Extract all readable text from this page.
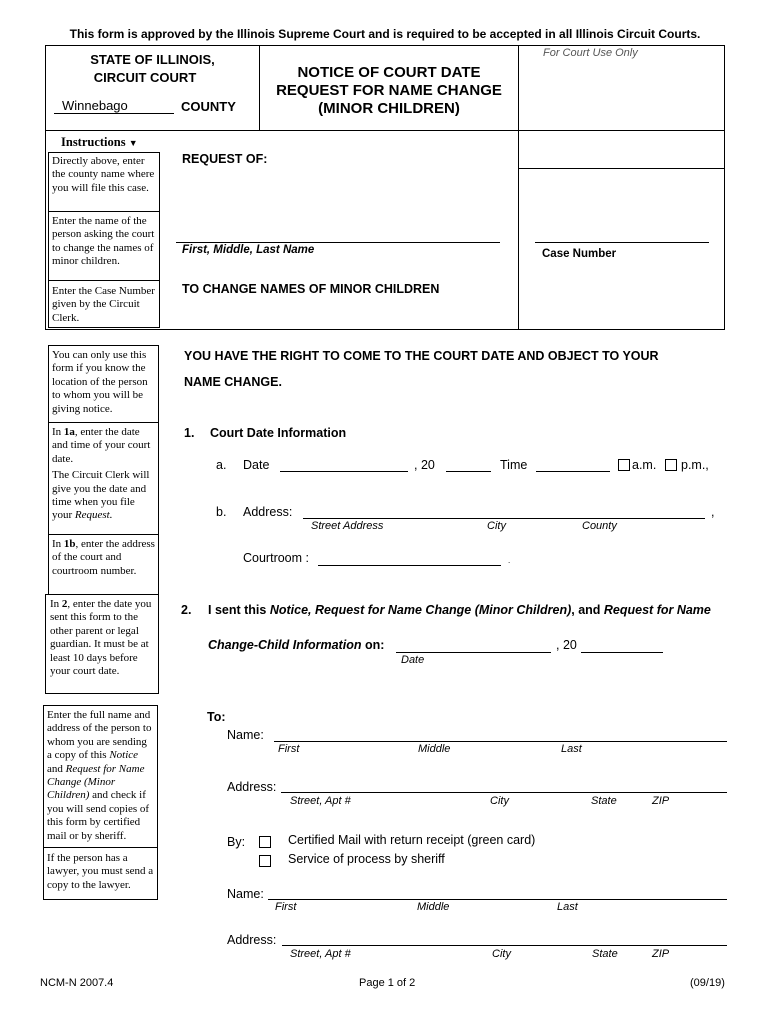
This form is approved by the Illinois Supreme Court and is required to be accepted in all Illinois Circuit Courts.
For Court Use Only
STATE OF ILLINOIS,
CIRCUIT COURT
Winnebago	COUNTY
NOTICE OF COURT DATE
REQUEST FOR NAME CHANGE
(MINOR CHILDREN)
Instructions ▼
Directly above, enter the county name where you will file this case.
Enter the name of the person asking the court to change the names of minor children.
Enter the Case Number given by the Circuit Clerk.
REQUEST OF:
First, Middle, Last Name	Case Number
TO CHANGE NAMES OF MINOR CHILDREN
You can only use this form if you know the location of the person to whom you will be giving notice.
In 1a, enter the date and time of your court date.
The Circuit Clerk will give you the date and time when you file your Request.
In 1b, enter the address of the court and courtroom number.
In 2, enter the date you sent this form to the other parent or legal guardian. It must be at least 10 days before your court date.
Enter the full name and address of the person to whom you are sending a copy of this Notice and Request for Name Change (Minor Children) and check if you will send copies of this form by certified mail or by sheriff.
If the person has a lawyer, you must send a copy to the lawyer.
YOU HAVE THE RIGHT TO COME TO THE COURT DATE AND OBJECT TO YOUR
NAME CHANGE.
1. Court Date Information
a. Date	, 20	Time	a.m. p.m.,
b. Address:	,
Street Address	City	County
Courtroom :	.
2. I sent this Notice, Request for Name Change (Minor Children), and Request for Name
Change-Child Information on:	, 20
Date
To:
Name:
First	Middle	Last
Address:
Street, Apt #	City	State	ZIP
By:	Certified Mail with return receipt (green card)
Service of process by sheriff
Name:
First	Middle	Last
Address:
Street, Apt #	City	State	ZIP
NCM-N 2007.4	Page 1 of 2	(09/19)
